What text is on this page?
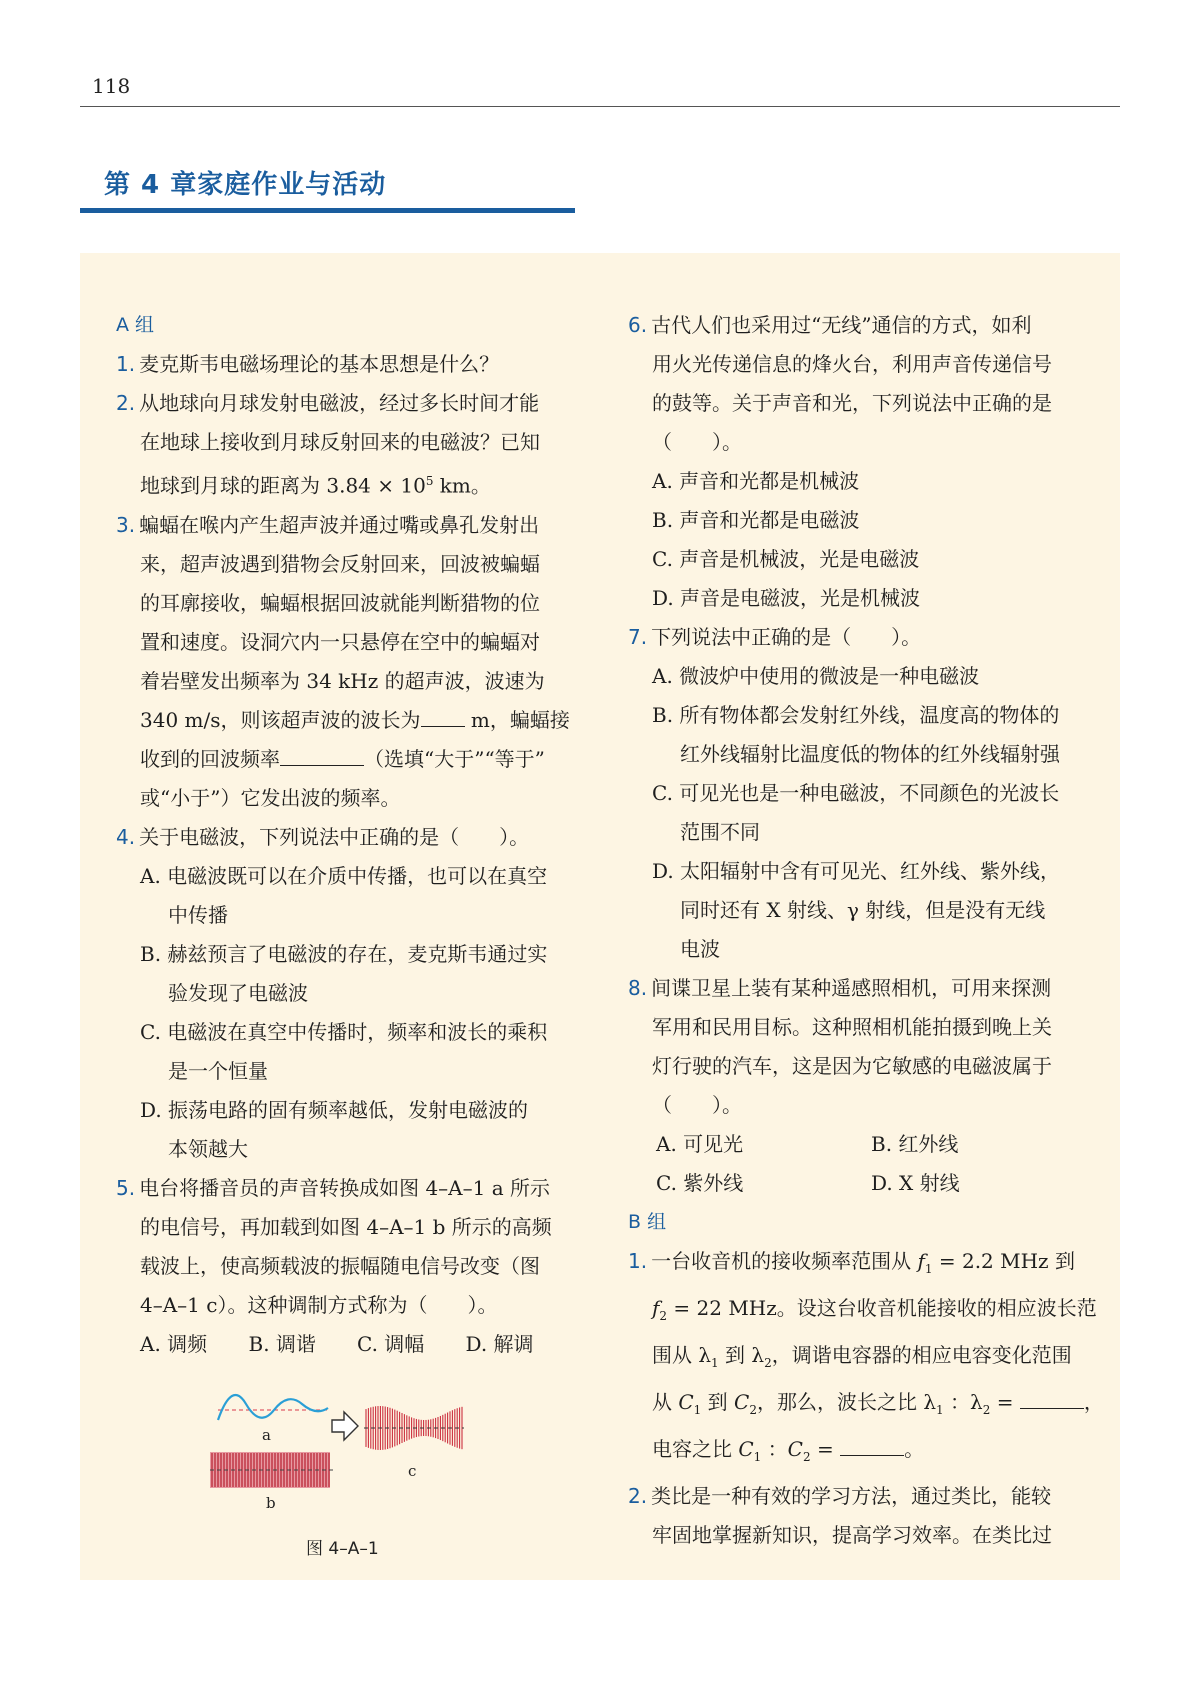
118
第 4 章家庭作业与活动
A 组
1. 麦克斯韦电磁场理论的基本思想是什么？
2. 从地球向月球发射电磁波，经过多长时间才能
在地球上接收到月球反射回来的电磁波？已知
地球到月球的距离为 $3.84 \times 10^5$ km。
3. 蝙蝠在喉内产生超声波并通过嘴或鼻孔发射出
来，超声波遇到猎物会反射回来，回波被蝙蝠
的耳廓接收，蝙蝠根据回波就能判断猎物的位
置和速度。设洞穴内一只悬停在空中的蝙蝠对
着岩壁发出频率为 34 kHz 的超声波，波速为
340 m/s，则该超声波的波长为 m，蝙蝠接
收到的回波频率	（选填“大于”“等于”
或“小于”）它发出波的频率。
4. 关于电磁波，下列说法中正确的是（　　）。
A. 电磁波既可以在介质中传播，也可以在真空
中传播
B. 赫兹预言了电磁波的存在，麦克斯韦通过实
验发现了电磁波
C. 电磁波在真空中传播时，频率和波长的乘积
是一个恒量
D. 振荡电路的固有频率越低，发射电磁波的
本领越大
5. 电台将播音员的声音转换成如图 4–A–1 a 所示
的电信号，再加载到如图 4–A–1 b 所示的高频
载波上，使高频载波的振幅随电信号改变（图
4–A–1 c）。这种调制方式称为（　　）。
A. 调频	B. 调谐	C. 调幅	D. 解调
a
b
c
图 4–A–1
6. 古代人们也采用过“无线”通信的方式，如利
用火光传递信息的烽火台，利用声音传递信号
的鼓等。关于声音和光，下列说法中正确的是
（　　）。
A. 声音和光都是机械波
B. 声音和光都是电磁波
C. 声音是机械波，光是电磁波
D. 声音是电磁波，光是机械波
7. 下列说法中正确的是（　　）。
A. 微波炉中使用的微波是一种电磁波
B. 所有物体都会发射红外线，温度高的物体的
红外线辐射比温度低的物体的红外线辐射强
C. 可见光也是一种电磁波，不同颜色的光波长
范围不同
D. 太阳辐射中含有可见光、红外线、紫外线，
同时还有 X 射线、γ 射线，但是没有无线
电波
8. 间谍卫星上装有某种遥感照相机，可用来探测
军用和民用目标。这种照相机能拍摄到晚上关
灯行驶的汽车，这是因为它敏感的电磁波属于
（　　）。
A. 可见光	B. 红外线
C. 紫外线	D. X 射线
B 组
1. 一台收音机的接收频率范围从 $f_1 = 2.2$ MHz 到
$f_2 = 22$ MHz。设这台收音机能接收的相应波长范
围从 $\lambda_1$ 到 $\lambda_2$，调谐电容器的相应电容变化范围
从 $C_1$ 到 $C_2$，那么，波长之比 $\lambda_1$ ：$\lambda_2$ =	，
电容之比 $C_1$ ：$C_2$ =	。
2. 类比是一种有效的学习方法，通过类比，能较
牢固地掌握新知识，提高学习效率。在类比过
